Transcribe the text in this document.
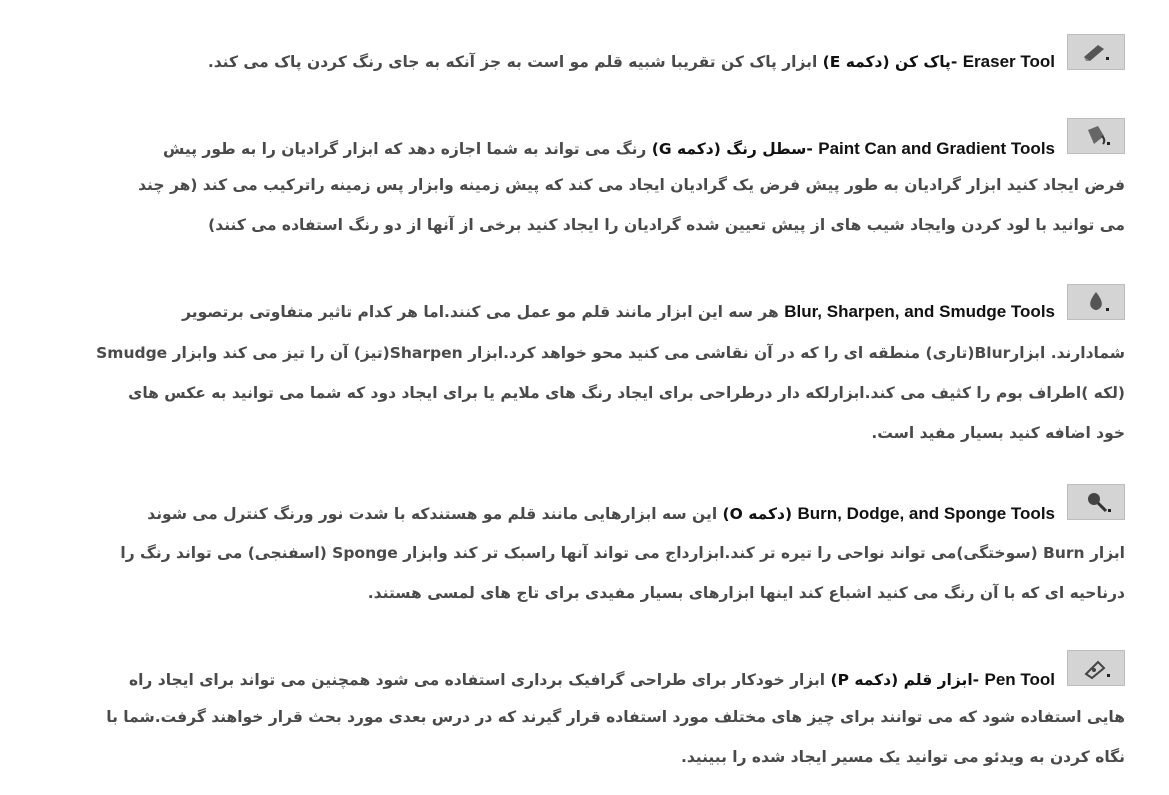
Eraser Tool -پاک کن (دکمه E) ابزار پاک کن تقریبا شبیه قلم مو است به جز آنکه به جای رنگ کردن پاک می کند.
Paint Can and Gradient Tools -سطل رنگ (دکمه G) رنگ می تواند به شما اجازه دهد که ابزار گرادیان را به طور پیش
فرض ایجاد کنید ابزار گرادیان به طور پیش فرض یک گرادیان ایجاد می کند که پیش زمینه وابزار پس زمینه راترکیب می کند (هر چند
می توانید با لود کردن وایجاد شیب های از پیش تعیین شده گرادیان را ایجاد کنید برخی از آنها از دو رنگ استفاده می کنند)
Blur, Sharpen, and Smudge Tools هر سه این ابزار مانند قلم مو عمل می کنند.اما هر کدام تاثیر متفاوتی برتصویر
شمادارند. ابزارBlur(تاری) منطقه ای را که در آن نقاشی می کنید محو خواهد کرد.ابزار Sharpen(تیز) آن را تیز می کند وابزار Smudge
(لکه )اطراف بوم را کثیف می کند.ابزارلکه دار درطراحی برای ایجاد رنگ های ملایم یا برای ایجاد دود که شما می توانید به عکس های
خود اضافه کنید بسیار مفید است.
Burn, Dodge, and Sponge Tools (دکمه O) این سه ابزارهایی مانند قلم مو هستندکه با شدت نور ورنگ کنترل می شوند
ابزار Burn (سوختگی)می تواند نواحی را تیره تر کند.ابزارداج می تواند آنها راسبک تر کند وابزار Sponge (اسفنجی) می تواند رنگ را
درناحیه ای که با آن رنگ می کنید اشباع کند اینها ابزارهای بسیار مفیدی برای تاج های لمسی هستند.
Pen Tool -ابزار قلم (دکمه P) ابزار خودکار برای طراحی گرافیک برداری استفاده می شود همچنین می تواند برای ایجاد راه
هایی استفاده شود که می توانند برای چیز های مختلف مورد استفاده قرار گیرند که در درس بعدی مورد بحث قرار خواهند گرفت.شما با
نگاه کردن به ویدئو می توانید یک مسیر ایجاد شده را ببینید.
